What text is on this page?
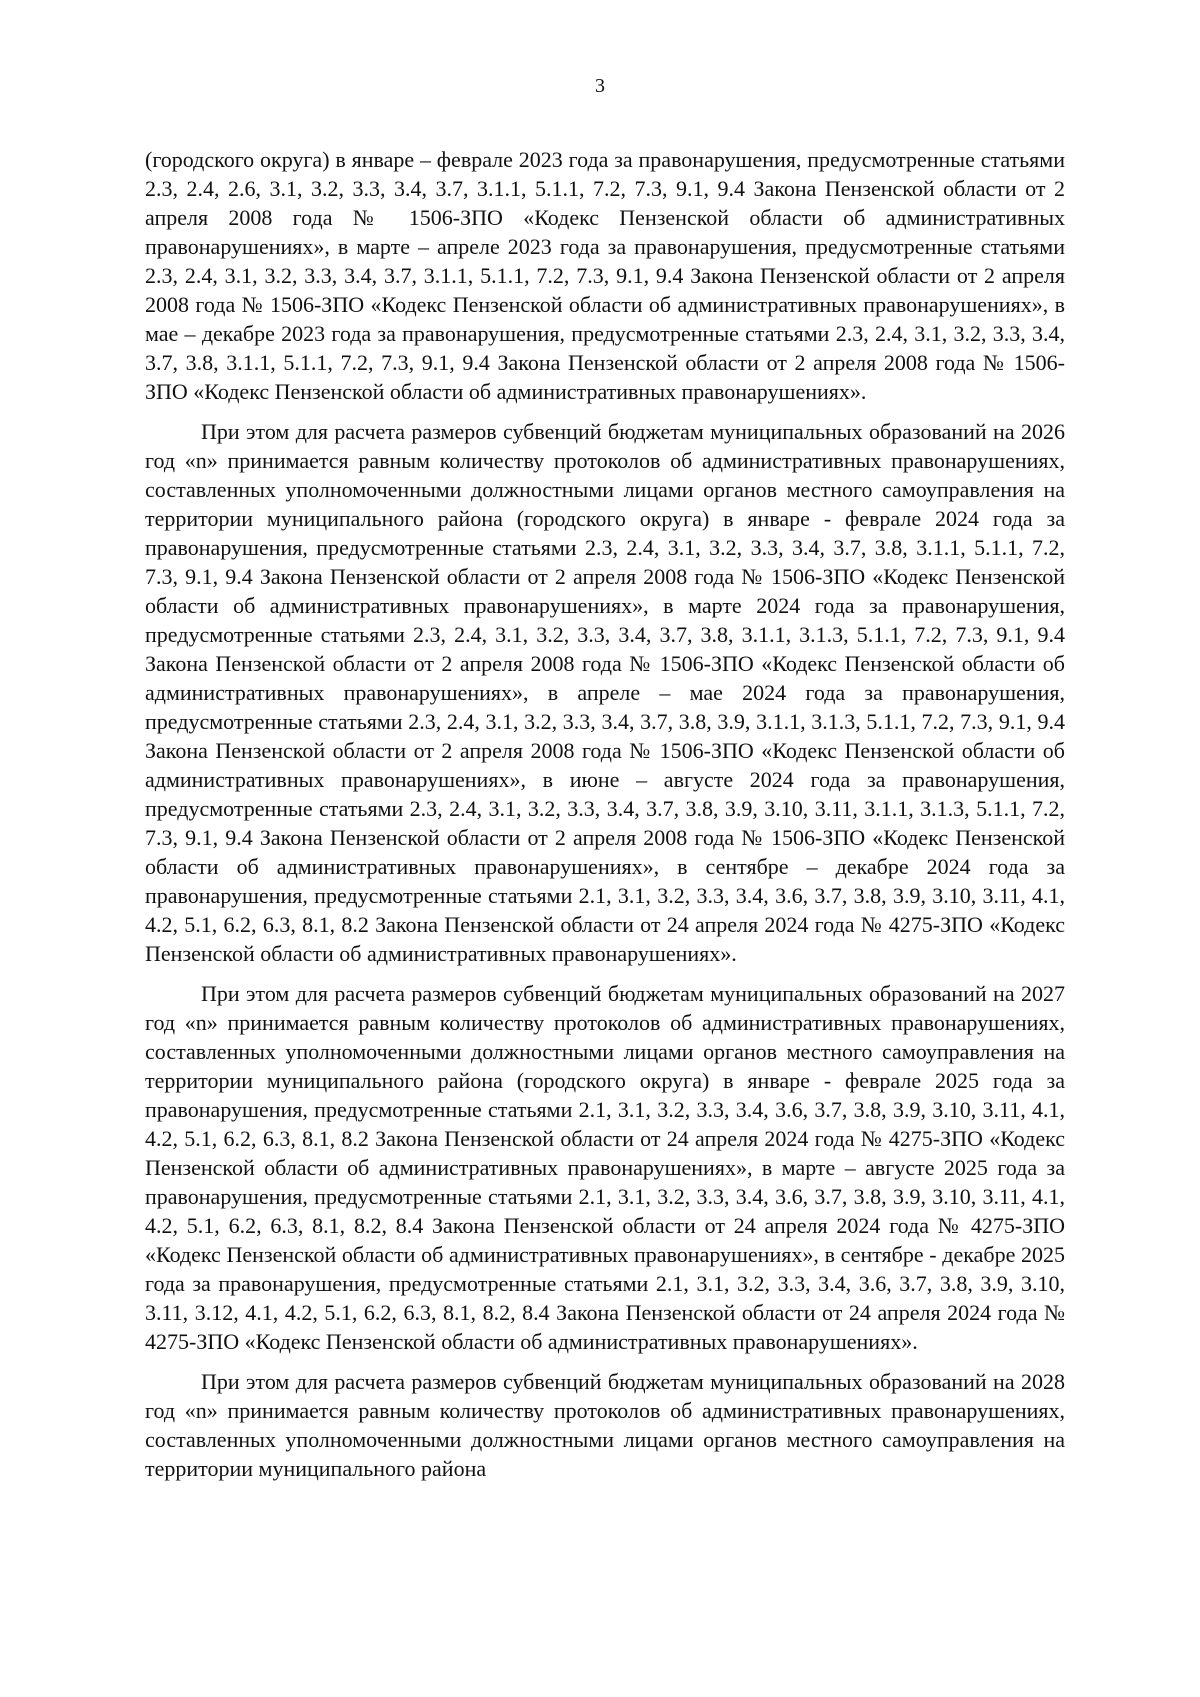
3

(городского округа) в январе – феврале 2023 года за правонарушения, предусмотренные статьями 2.3, 2.4, 2.6, 3.1, 3.2, 3.3, 3.4, 3.7, 3.1.1, 5.1.1, 7.2, 7.3, 9.1, 9.4 Закона Пензенской области от 2 апреля 2008 года № 1506-ЗПО «Кодекс Пензенской области об административных правонарушениях», в марте – апреле 2023 года за правонарушения, предусмотренные статьями 2.3, 2.4, 3.1, 3.2, 3.3, 3.4, 3.7, 3.1.1, 5.1.1, 7.2, 7.3, 9.1, 9.4 Закона Пензенской области от 2 апреля 2008 года № 1506-ЗПО «Кодекс Пензенской области об административных правонарушениях», в мае – декабре 2023 года за правонарушения, предусмотренные статьями 2.3, 2.4, 3.1, 3.2, 3.3, 3.4, 3.7, 3.8, 3.1.1, 5.1.1, 7.2, 7.3, 9.1, 9.4 Закона Пензенской области от 2 апреля 2008 года № 1506-ЗПО «Кодекс Пензенской области об административных правонарушениях».

При этом для расчета размеров субвенций бюджетам муниципальных образований на 2026 год «n» принимается равным количеству протоколов об административных правонарушениях, составленных уполномоченными должностными лицами органов местного самоуправления на территории муниципального района (городского округа) в январе - феврале 2024 года за правонарушения, предусмотренные статьями 2.3, 2.4, 3.1, 3.2, 3.3, 3.4, 3.7, 3.8, 3.1.1, 5.1.1, 7.2, 7.3, 9.1, 9.4 Закона Пензенской области от 2 апреля 2008 года № 1506-ЗПО «Кодекс Пензенской области об административных правонарушениях», в марте 2024 года за правонарушения, предусмотренные статьями 2.3, 2.4, 3.1, 3.2, 3.3, 3.4, 3.7, 3.8, 3.1.1, 3.1.3, 5.1.1, 7.2, 7.3, 9.1, 9.4 Закона Пензенской области от 2 апреля 2008 года № 1506-ЗПО «Кодекс Пензенской области об административных правонарушениях», в апреле – мае 2024 года за правонарушения, предусмотренные статьями 2.3, 2.4, 3.1, 3.2, 3.3, 3.4, 3.7, 3.8, 3.9, 3.1.1, 3.1.3, 5.1.1, 7.2, 7.3, 9.1, 9.4 Закона Пензенской области от 2 апреля 2008 года № 1506-ЗПО «Кодекс Пензенской области об административных правонарушениях», в июне – августе 2024 года за правонарушения, предусмотренные статьями 2.3, 2.4, 3.1, 3.2, 3.3, 3.4, 3.7, 3.8, 3.9, 3.10, 3.11, 3.1.1, 3.1.3, 5.1.1, 7.2, 7.3, 9.1, 9.4 Закона Пензенской области от 2 апреля 2008 года № 1506-ЗПО «Кодекс Пензенской области об административных правонарушениях», в сентябре – декабре 2024 года за правонарушения, предусмотренные статьями 2.1, 3.1, 3.2, 3.3, 3.4, 3.6, 3.7, 3.8, 3.9, 3.10, 3.11, 4.1, 4.2, 5.1, 6.2, 6.3, 8.1, 8.2 Закона Пензенской области от 24 апреля 2024 года № 4275-ЗПО «Кодекс Пензенской области об административных правонарушениях».

При этом для расчета размеров субвенций бюджетам муниципальных образований на 2027 год «n» принимается равным количеству протоколов об административных правонарушениях, составленных уполномоченными должностными лицами органов местного самоуправления на территории муниципального района (городского округа) в январе - феврале 2025 года за правонарушения, предусмотренные статьями 2.1, 3.1, 3.2, 3.3, 3.4, 3.6, 3.7, 3.8, 3.9, 3.10, 3.11, 4.1, 4.2, 5.1, 6.2, 6.3, 8.1, 8.2 Закона Пензенской области от 24 апреля 2024 года № 4275-ЗПО «Кодекс Пензенской области об административных правонарушениях», в марте – августе 2025 года за правонарушения, предусмотренные статьями 2.1, 3.1, 3.2, 3.3, 3.4, 3.6, 3.7, 3.8, 3.9, 3.10, 3.11, 4.1, 4.2, 5.1, 6.2, 6.3, 8.1, 8.2, 8.4 Закона Пензенской области от 24 апреля 2024 года № 4275-ЗПО «Кодекс Пензенской области об административных правонарушениях», в сентябре - декабре 2025 года за правонарушения, предусмотренные статьями 2.1, 3.1, 3.2, 3.3, 3.4, 3.6, 3.7, 3.8, 3.9, 3.10, 3.11, 3.12, 4.1, 4.2, 5.1, 6.2, 6.3, 8.1, 8.2, 8.4 Закона Пензенской области от 24 апреля 2024 года № 4275-ЗПО «Кодекс Пензенской области об административных правонарушениях».

При этом для расчета размеров субвенций бюджетам муниципальных образований на 2028 год «n» принимается равным количеству протоколов об административных правонарушениях, составленных уполномоченными должностными лицами органов местного самоуправления на территории муниципального района
